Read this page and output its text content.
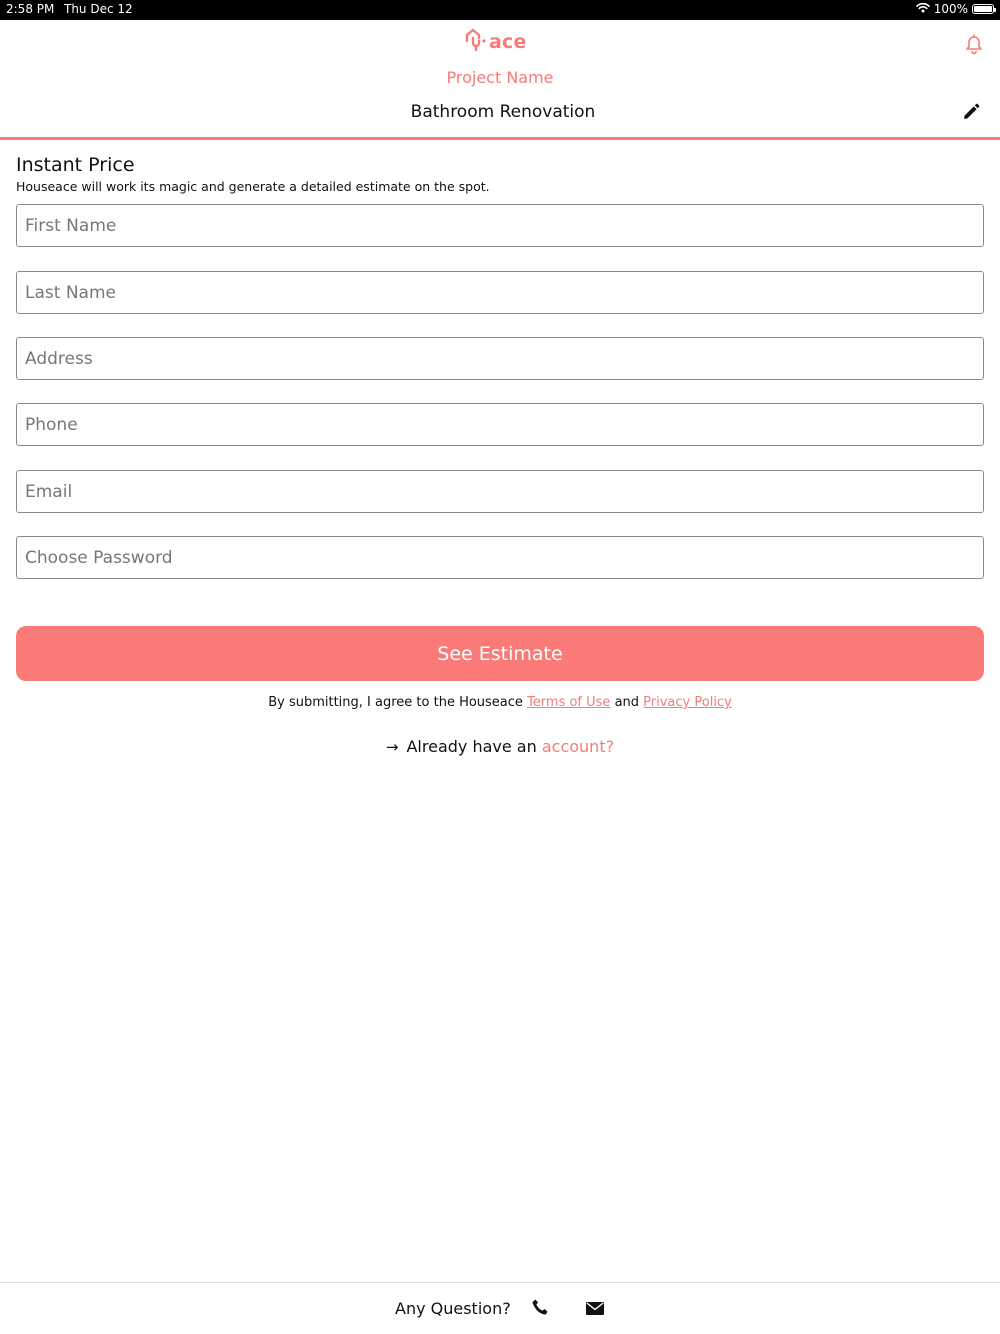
2:58 PM Thu Dec 12	100%
ace
Project Name
Bathroom Renovation
Instant Price
Houseace will work its magic and generate a detailed estimate on the spot.
First Name
Last Name
Address
Phone
Email
See Estimate
By submitting, I agree to the Houseace Terms of Use and Privacy Policy
→ Already have an account?
Any Question?
